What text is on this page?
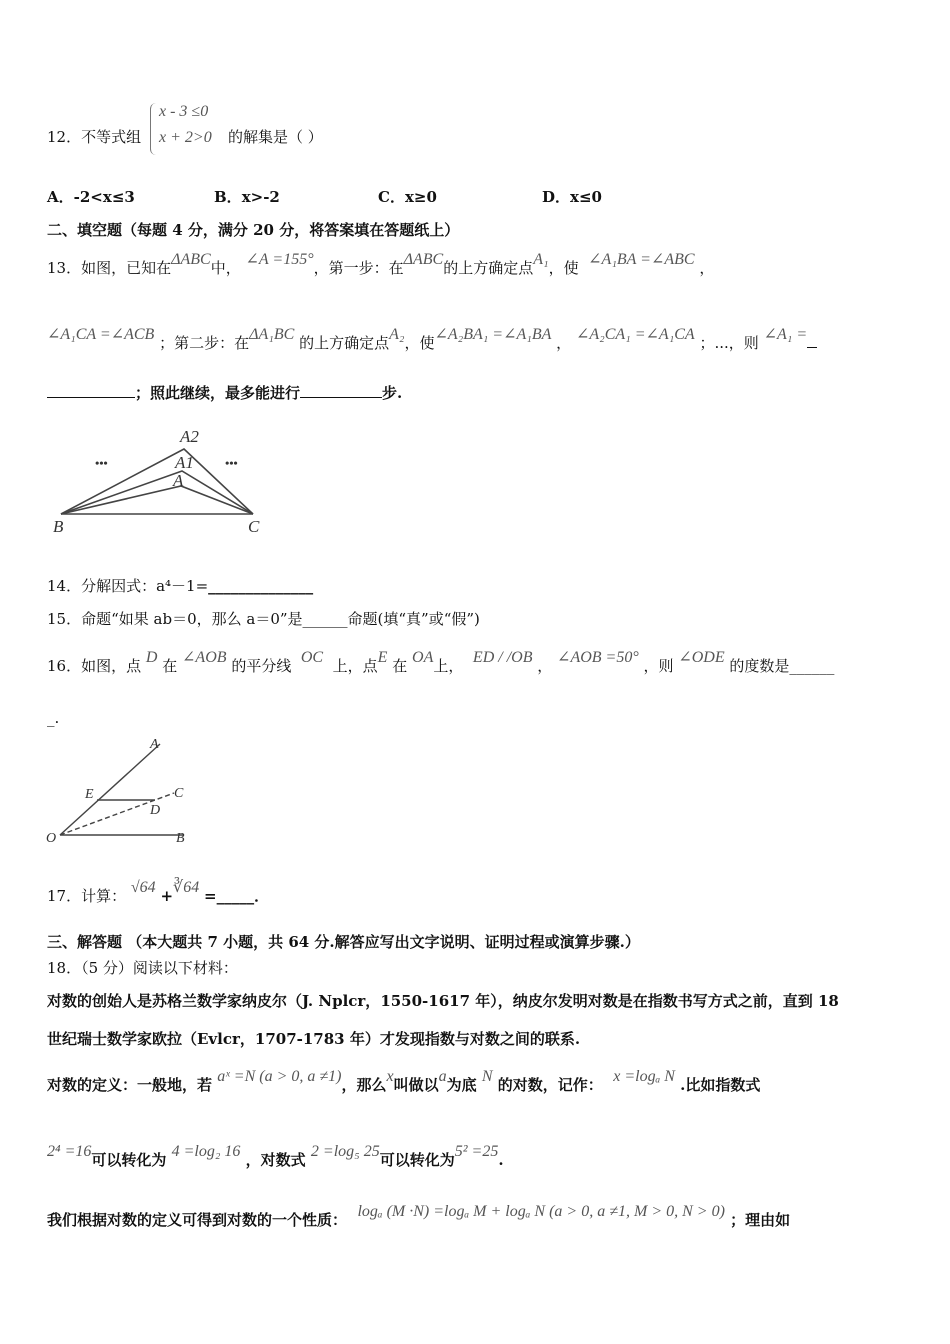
12．不等式组
x - 3 ≤0
x + 2>0 的解集是（ ）
A．-2<x≤3	B．x>-2	C．x≥0	D．x≤0
二、填空题（每题 4 分，满分 20 分，将答案填在答题纸上）
13．如图，已知在ΔABC中， ∠A =155°，第一步：在ΔABC的上方确定点A₁，使 ∠A₁BA =∠ABC ，
∠A₁CA =∠ACB ；第二步：在ΔA₁BC 的上方确定点A₂，使∠A₂BA₁ =∠A₁BA ， ∠A₂CA₁ =∠A₁CA ；...，则 ∠A₁ =
；照此继续，最多能进行	步.
A2
A1
A
B	C
•••	•••
14．分解因式：a⁴－1=______________
15．命题“如果 ab＝0，那么 a＝0”是______命题(填“真”或“假”)
16．如图，点 D 在 ∠AOB 的平分线 OC 上，点E 在 OA上， ED / /OB ， ∠AOB =50° ，则 ∠ODE 的度数是______
_.
A
E	C
D
O	B
17．计算： √64 +∛64 =_____．
三、解答题 （本大题共 7 小题，共 64 分.解答应写出文字说明、证明过程或演算步骤.）
18．（5 分）阅读以下材料：
对数的创始人是苏格兰数学家纳皮尔（J. Nplcr，1550-1617 年），纳皮尔发明对数是在指数书写方式之前，直到 18
世纪瑞士数学家欧拉（Evlcr，1707-1783 年）才发现指数与对数之间的联系.
对数的定义：一般地，若 aˣ =N (a > 0, a ≠1)，那么x叫做以a为底 N 的对数，记作： x =logₐ N .比如指数式
2⁴ =16可以转化为 4 =log₂ 16 ，对数式 2 =log₅ 25可以转化为5² =25.
我们根据对数的定义可得到对数的一个性质： logₐ (M ·N) =logₐ M + logₐ N (a > 0, a ≠1, M > 0, N > 0) ；理由如
